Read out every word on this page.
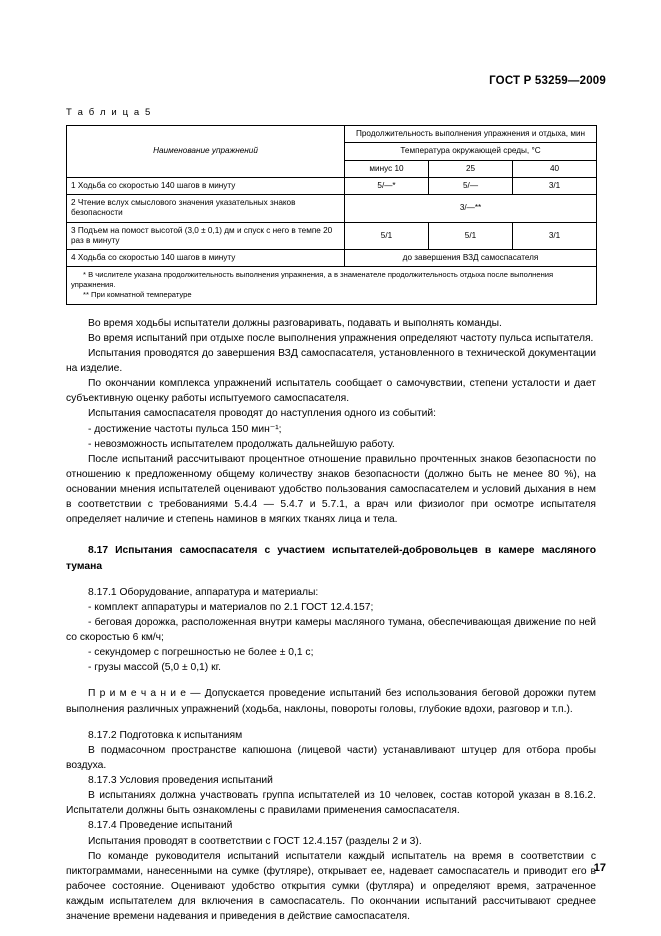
ГОСТ Р 53259—2009
Т а б л и ц а 5
Наименование упражнений	Продолжительность выполнения упражнения и отдыха, мин		
	Температура окружающей среды, °С		
	минус 10	25	40
1 Ходьба со скоростью 140 шагов в минуту	5/—*	5/—	3/1
2 Чтение вслух смыслового значения указательных знаков безопасности	3/—**		
3 Подъем на помост высотой (3,0 ± 0,1) дм и спуск с него в темпе 20 раз в минуту	5/1	5/1	3/1
4 Ходьба со скоростью 140 шагов в минуту	до завершения ВЗД самоспасателя		

* В числителе указана продолжительность выполнения упражнения, а в знаменателе продолжительность отдыха после выполнения упражнения.

** При комнатной температуре			

Во время ходьбы испытатели должны разговаривать, подавать и выполнять команды.

Во время испытаний при отдыхе после выполнения упражнения определяют частоту пульса испытателя.

Испытания проводятся до завершения ВЗД самоспасателя, установленного в технической документации на изделие.

По окончании комплекса упражнений испытатель сообщает о самочувствии, степени усталости и дает субъективную оценку работы испытуемого самоспасателя.

Испытания самоспасателя проводят до наступления одного из событий:

- достижение частоты пульса 150 мин⁻¹;

- невозможность испытателем продолжать дальнейшую работу.

После испытаний рассчитывают процентное отношение правильно прочтенных знаков безопасности по отношению к предложенному общему количеству знаков безопасности (должно быть не менее 80 %), на основании мнения испытателей оценивают удобство пользования самоспасателем и условий дыхания в нем в соответствии с требованиями 5.4.4 — 5.4.7 и 5.7.1, а врач или физиолог при осмотре испытателя определяет наличие и степень наминов в мягких тканях лица и тела.

8.17 Испытания самоспасателя с участием испытателей-добровольцев в камере масляного тумана

8.17.1 Оборудование, аппаратура и материалы:

- комплект аппаратуры и материалов по 2.1 ГОСТ 12.4.157;

- беговая дорожка, расположенная внутри камеры масляного тумана, обеспечивающая движение по ней со скоростью 6 км/ч;

- секундомер с погрешностью не более ± 0,1 с;

- грузы массой (5,0 ± 0,1) кг.

П р и м е ч а н и е — Допускается проведение испытаний без использования беговой дорожки путем выполнения различных упражнений (ходьба, наклоны, повороты головы, глубокие вдохи, разговор и т.п.).

8.17.2 Подготовка к испытаниям

В подмасочном пространстве капюшона (лицевой части) устанавливают штуцер для отбора пробы воздуха.

8.17.3 Условия проведения испытаний

В испытаниях должна участвовать группа испытателей из 10 человек, состав которой указан в 8.16.2. Испытатели должны быть ознакомлены с правилами применения самоспасателя.

8.17.4 Проведение испытаний

Испытания проводят в соответствии с ГОСТ 12.4.157 (разделы 2 и 3).

По команде руководителя испытаний испытатели каждый испытатель на время в соответствии с пиктограммами, нанесенными на сумке (футляре), открывает ее, надевает самоспасатель и приводит его в рабочее состояние. Оценивают удобство открытия сумки (футляра) и определяют время, затраченное каждым испытателем для включения в самоспасатель. По окончании испытаний рассчитывают среднее значение времени надевания и приведения в действие самоспасателя.

17
